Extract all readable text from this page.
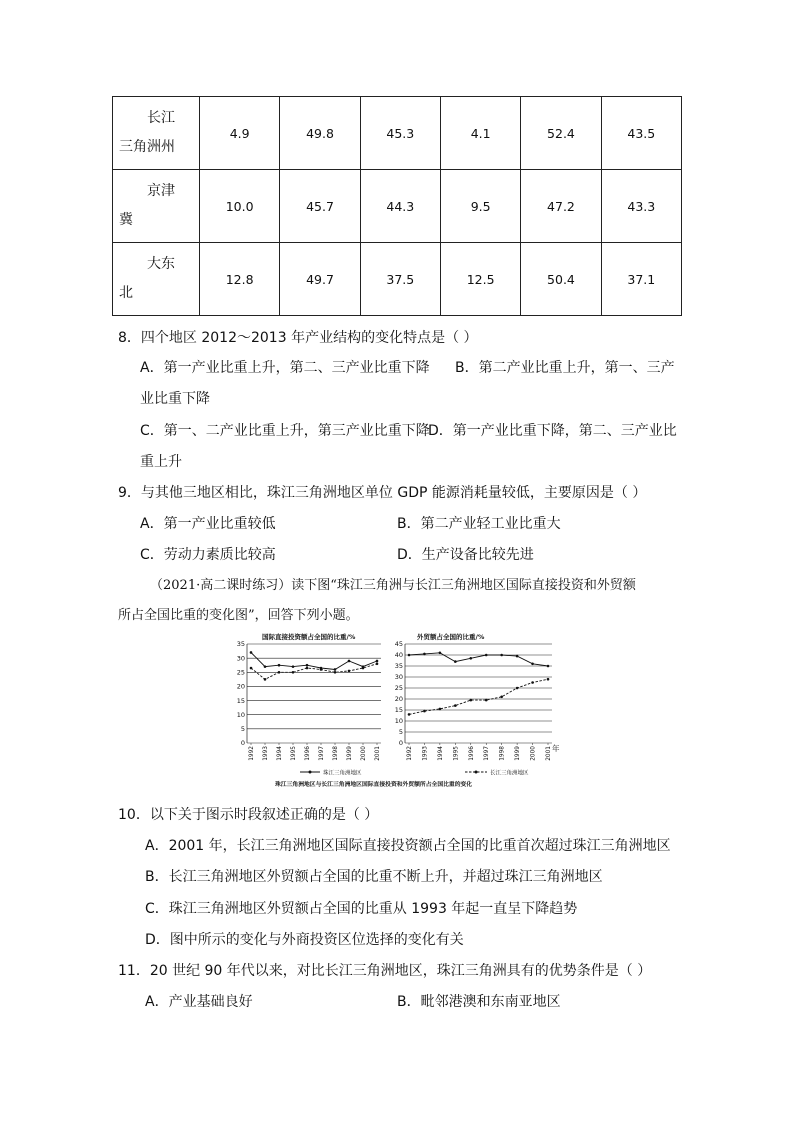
长江
三角洲州	4.9	49.8	45.3	4.1	52.4	43.5

京津
冀	10.0	45.7	44.3	9.5	47.2	43.3

大东
北	12.8	49.7	37.5	12.5	50.4	37.1
8．四个地区 2012～2013 年产业结构的变化特点是（ ）
A．第一产业比重上升，第二、三产业比重下降 B．第二产业比重上升，第一、三产
业比重下降
C．第一、二产业比重上升，第三产业比重下降
D．第一产业比重下降，第二、三产业比
重上升
9．与其他三地区相比，珠江三角洲地区单位 GDP 能源消耗量较低，主要原因是（ ）
A．第一产业比重较低	B．第二产业轻工业比重大
C．劳动力素质比较高	D．生产设备比较先进
（2021·高二课时练习）读下图“珠江三角洲与长江三角洲地区国际直接投资和外贸额
所占全国比重的变化图”，回答下列小题。
国际直接投资额占全国的比重/%	外贸额占全国的比重/%
0
5
10
15
20
25
30
35
1992 1993 1994 1995 1996 1997 1998 1999 2000 2001
0
5
10
15
20
25
30
35
40
45
1992 1993 1994 1995 1996 1997 1998 1999 2000 2001 年
珠江三角洲地区	长江三角洲地区
珠江三角洲地区与长江三角洲地区国际直接投资和外贸额所占全国比重的变化
10．以下关于图示时段叙述正确的是（ ）
A．2001 年，长江三角洲地区国际直接投资额占全国的比重首次超过珠江三角洲地区
B．长江三角洲地区外贸额占全国的比重不断上升，并超过珠江三角洲地区
C．珠江三角洲地区外贸额占全国的比重从 1993 年起一直呈下降趋势
D．图中所示的变化与外商投资区位选择的变化有关
11．20 世纪 90 年代以来，对比长江三角洲地区，珠江三角洲具有的优势条件是（ ）
A．产业基础良好	B．毗邻港澳和东南亚地区
